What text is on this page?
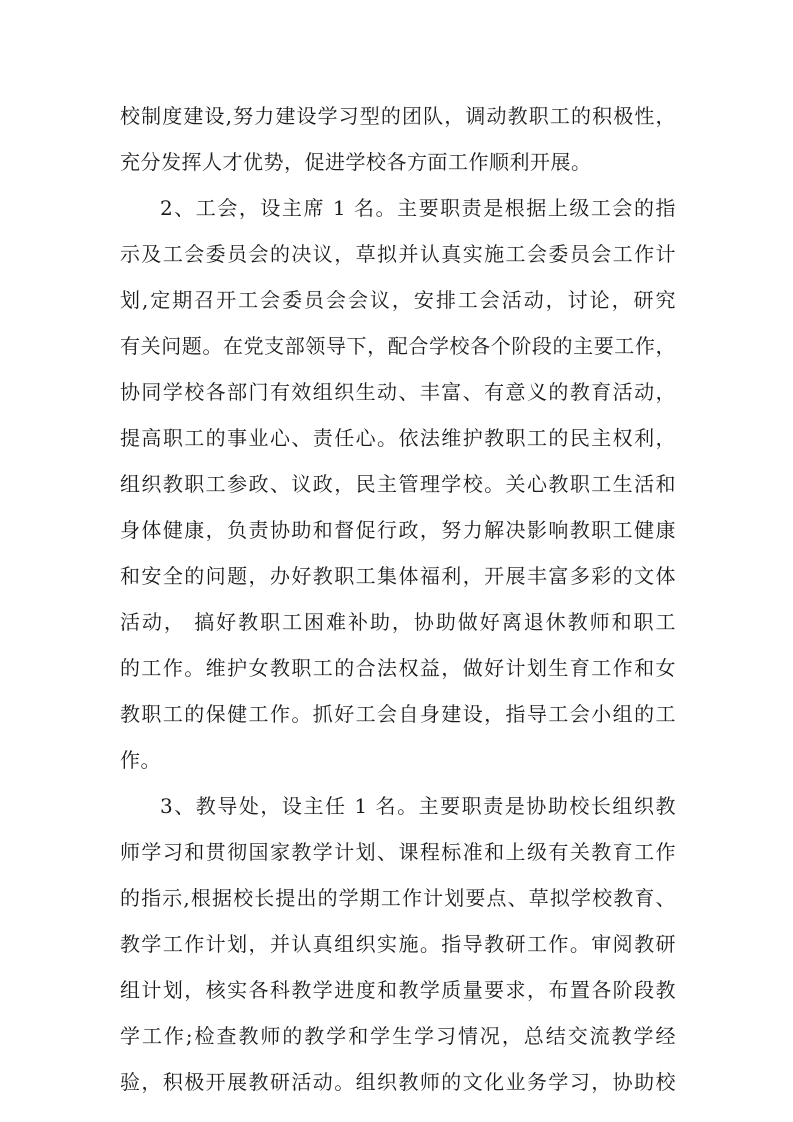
校制度建设,努力建设学习型的团队，调动教职工的积极性，
充分发挥人才优势，促进学校各方面工作顺利开展。
2、工会，设主席 1 名。主要职责是根据上级工会的指
示及工会委员会的决议，草拟并认真实施工会委员会工作计
划,定期召开工会委员会会议，安排工会活动，讨论，研究
有关问题。在党支部领导下，配合学校各个阶段的主要工作，
协同学校各部门有效组织生动、丰富、有意义的教育活动，
提高职工的事业心、责任心。依法维护教职工的民主权利，
组织教职工参政、议政，民主管理学校。关心教职工生活和
身体健康，负责协助和督促行政，努力解决影响教职工健康
和安全的问题，办好教职工集体福利，开展丰富多彩的文体
活动， 搞好教职工困难补助，协助做好离退休教师和职工
的工作。维护女教职工的合法权益，做好计划生育工作和女
教职工的保健工作。抓好工会自身建设，指导工会小组的工
作。
3、教导处，设主任 1 名。主要职责是协助校长组织教
师学习和贯彻国家教学计划、课程标准和上级有关教育工作
的指示,根据校长提出的学期工作计划要点、草拟学校教育、
教学工作计划，并认真组织实施。指导教研工作。审阅教研
组计划，核实各科教学进度和教学质量要求，布置各阶段教
学工作;检查教师的教学和学生学习情况，总结交流教学经
验，积极开展教研活动。组织教师的文化业务学习，协助校
